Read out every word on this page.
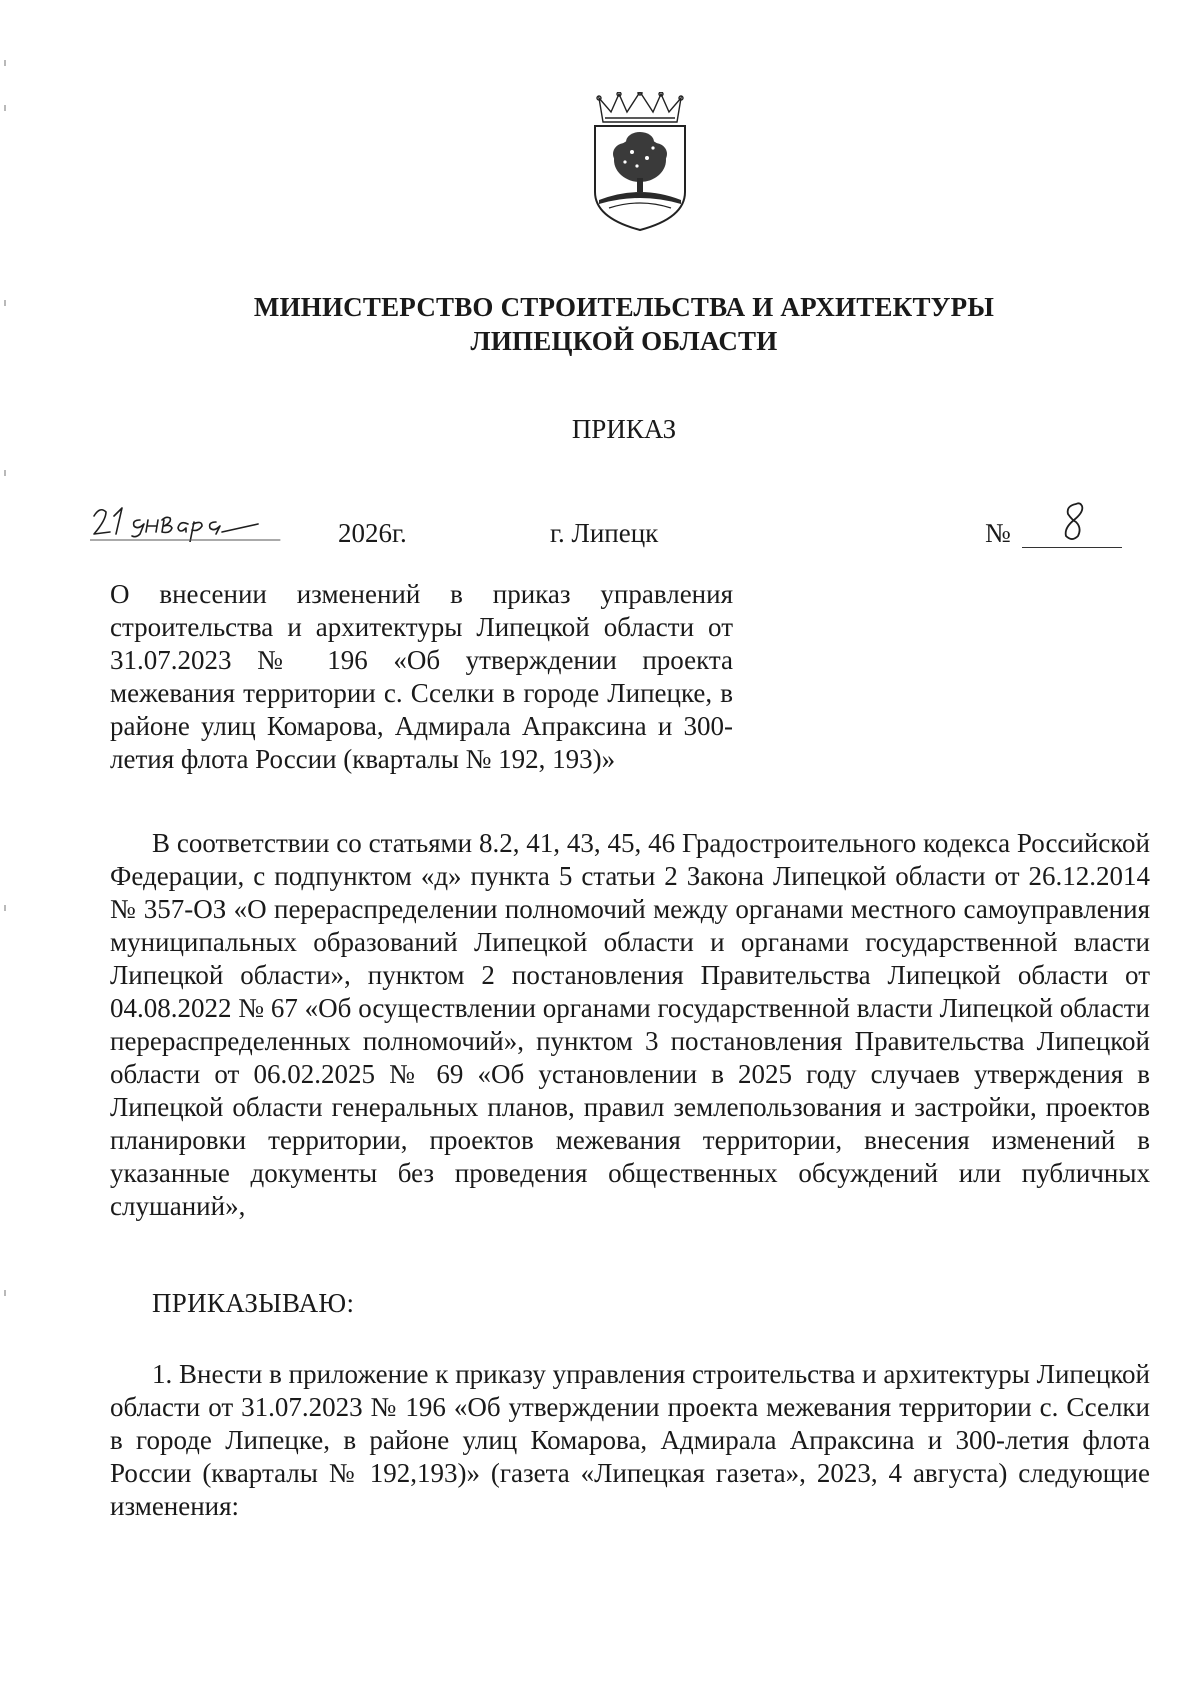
МИНИСТЕРСТВО СТРОИТЕЛЬСТВА И АРХИТЕКТУРЫ
ЛИПЕЦКОЙ ОБЛАСТИ
ПРИКАЗ
2026г.	г. Липецк	№
О внесении изменений в приказ управления строительства и архитектуры Липецкой области от 31.07.2023 № 196 «Об утверждении проекта межевания территории с. Сселки в городе Липецке, в районе улиц Комарова, Адмирала Апраксина и 300-летия флота России (кварталы № 192, 193)»

В соответствии со статьями 8.2, 41, 43, 45, 46 Градостроительного кодекса Российской Федерации, с подпунктом «д» пункта 5 статьи 2 Закона Липецкой области от 26.12.2014 № 357-ОЗ «О перераспределении полномочий между органами местного самоуправления муниципальных образований Липецкой области и органами государственной власти Липецкой области», пунктом 2 постановления Правительства Липецкой области от 04.08.2022 № 67 «Об осуществлении органами государственной власти Липецкой области перераспределенных полномочий», пунктом 3 постановления Правительства Липецкой области от 06.02.2025 № 69 «Об установлении в 2025 году случаев утверждения в Липецкой области генеральных планов, правил землепользования и застройки, проектов планировки территории, проектов межевания территории, внесения изменений в указанные документы без проведения общественных обсуждений или публичных слушаний»,

ПРИКАЗЫВАЮ:

1. Внести в приложение к приказу управления строительства и архитектуры Липецкой области от 31.07.2023 № 196 «Об утверждении проекта межевания территории с. Сселки в городе Липецке, в районе улиц Комарова, Адмирала Апраксина и 300-летия флота России (кварталы № 192,193)» (газета «Липецкая газета», 2023, 4 августа) следующие изменения:
